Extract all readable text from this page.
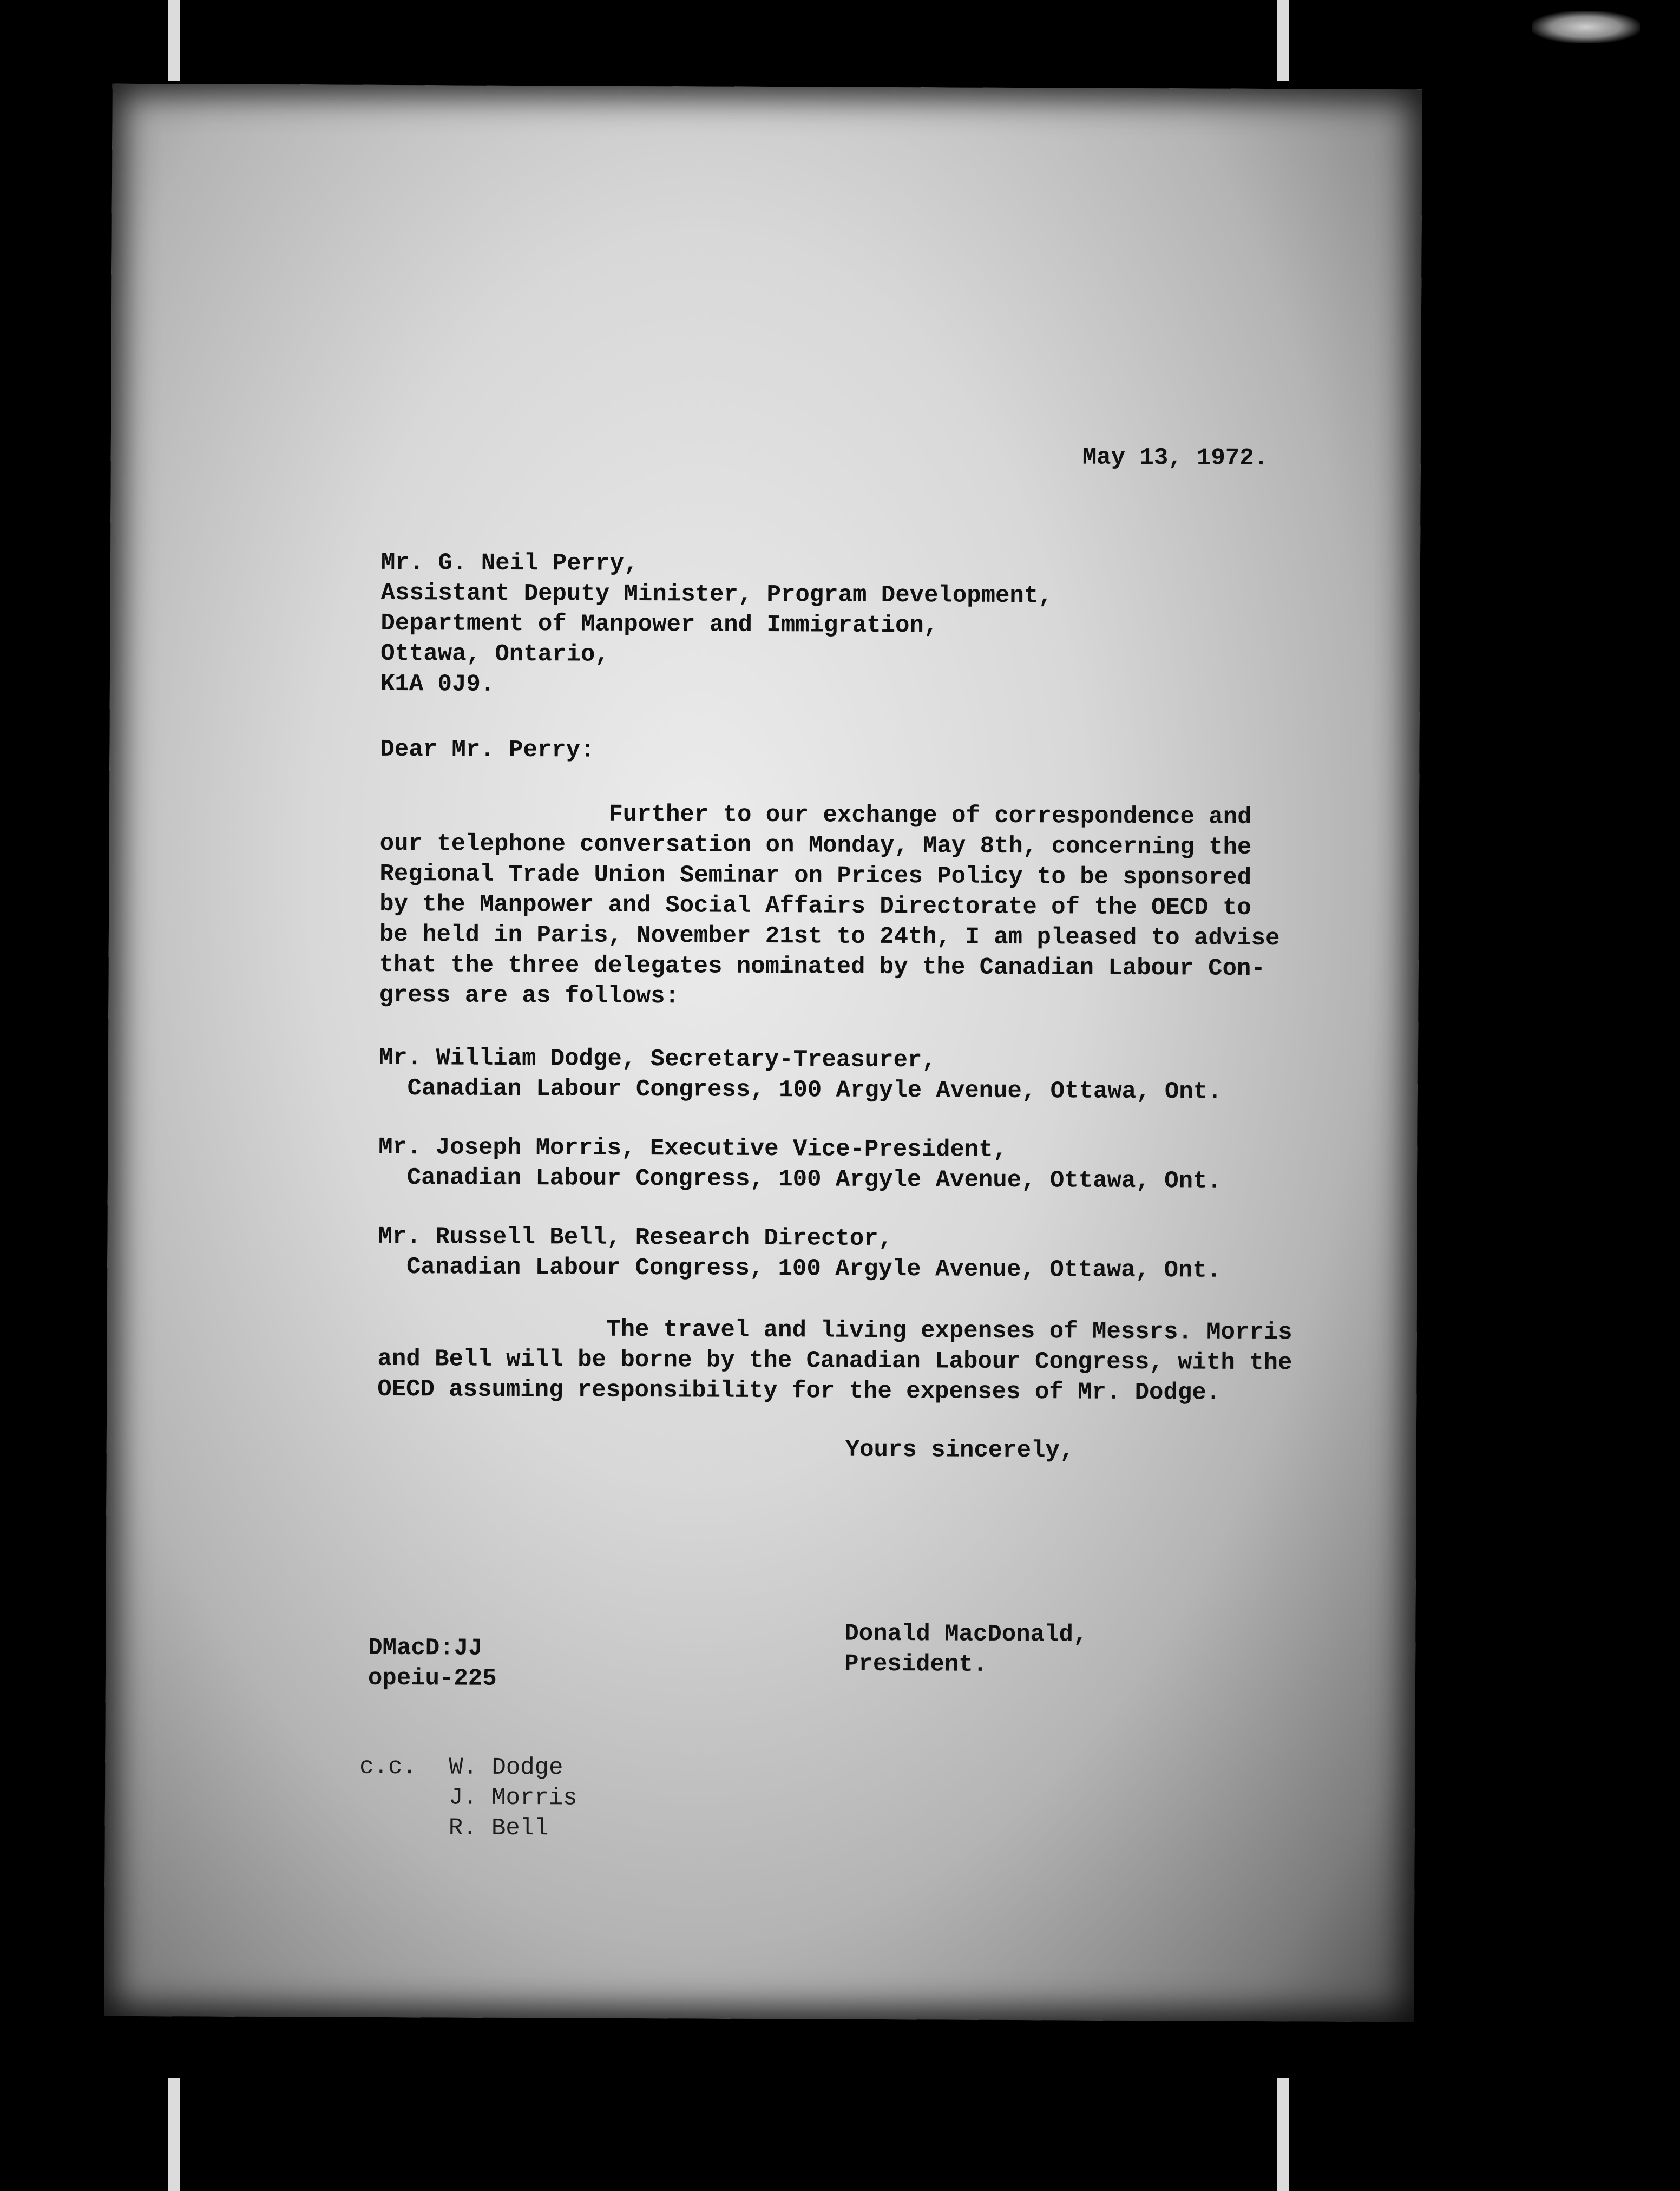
May 13, 1972.
Mr. G. Neil Perry,
Assistant Deputy Minister, Program Development,
Department of Manpower and Immigration,
Ottawa, Ontario,
K1A 0J9.
Dear Mr. Perry:
Further to our exchange of correspondence and
our telephone conversation on Monday, May 8th, concerning the
Regional Trade Union Seminar on Prices Policy to be sponsored
by the Manpower and Social Affairs Directorate of the OECD to
be held in Paris, November 21st to 24th, I am pleased to advise
that the three delegates nominated by the Canadian Labour Con-
gress are as follows:
Mr. William Dodge, Secretary-Treasurer,
Canadian Labour Congress, 100 Argyle Avenue, Ottawa, Ont.
Mr. Joseph Morris, Executive Vice-President,
Canadian Labour Congress, 100 Argyle Avenue, Ottawa, Ont.
Mr. Russell Bell, Research Director,
Canadian Labour Congress, 100 Argyle Avenue, Ottawa, Ont.
The travel and living expenses of Messrs. Morris
and Bell will be borne by the Canadian Labour Congress, with the
OECD assuming responsibility for the expenses of Mr. Dodge.
Yours sincerely,
Donald MacDonald,
President.
DMacD:JJ
opeiu-225
c.c. W. Dodge
J. Morris
R. Bell
